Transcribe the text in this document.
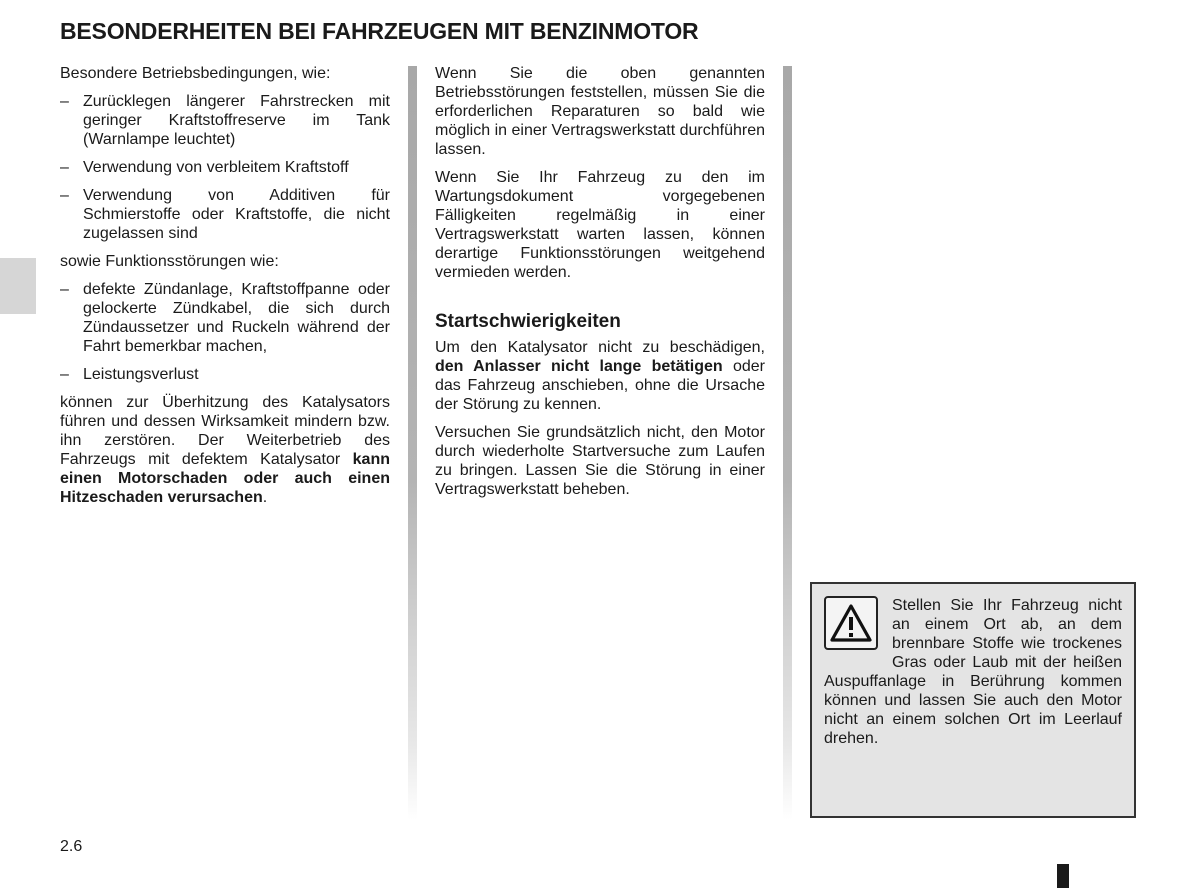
BESONDERHEITEN BEI FAHRZEUGEN MIT BENZINMOTOR

Besondere Betriebsbedingungen, wie:

– Zurücklegen längerer Fahrstrecken mit geringer Kraftstoffreserve im Tank (Warnlampe leuchtet)
– Verwendung von verbleitem Kraftstoff
– Verwendung von Additiven für Schmierstoffe oder Kraftstoffe, die nicht zugelassen sind

sowie Funktionsstörungen wie:

– defekte Zündanlage, Kraftstoffpanne oder gelockerte Zündkabel, die sich durch Zündaussetzer und Ruckeln während der Fahrt bemerkbar machen,
– Leistungsverlust

können zur Überhitzung des Katalysators führen und dessen Wirksamkeit mindern bzw. ihn zerstören. Der Weiterbetrieb des Fahrzeugs mit defektem Katalysator kann einen Motorschaden oder auch einen Hitzeschaden verursachen.

Wenn Sie die oben genannten Betriebsstörungen feststellen, müssen Sie die erforderlichen Reparaturen so bald wie möglich in einer Vertragswerkstatt durchführen lassen.

Wenn Sie Ihr Fahrzeug zu den im Wartungsdokument vorgegebenen Fälligkeiten regelmäßig in einer Vertragswerkstatt warten lassen, können derartige Funktionsstörungen weitgehend vermieden werden.

Startschwierigkeiten

Um den Katalysator nicht zu beschädigen, den Anlasser nicht lange betätigen oder das Fahrzeug anschieben, ohne die Ursache der Störung zu kennen.

Versuchen Sie grundsätzlich nicht, den Motor durch wiederholte Startversuche zum Laufen zu bringen. Lassen Sie die Störung in einer Vertragswerkstatt beheben.

Stellen Sie Ihr Fahrzeug nicht an einem Ort ab, an dem brennbare Stoffe wie trockenes Gras oder Laub mit der heißen Auspuffanlage in Berührung kommen können und lassen Sie auch den Motor nicht an einem solchen Ort im Leerlauf drehen.
2.6
